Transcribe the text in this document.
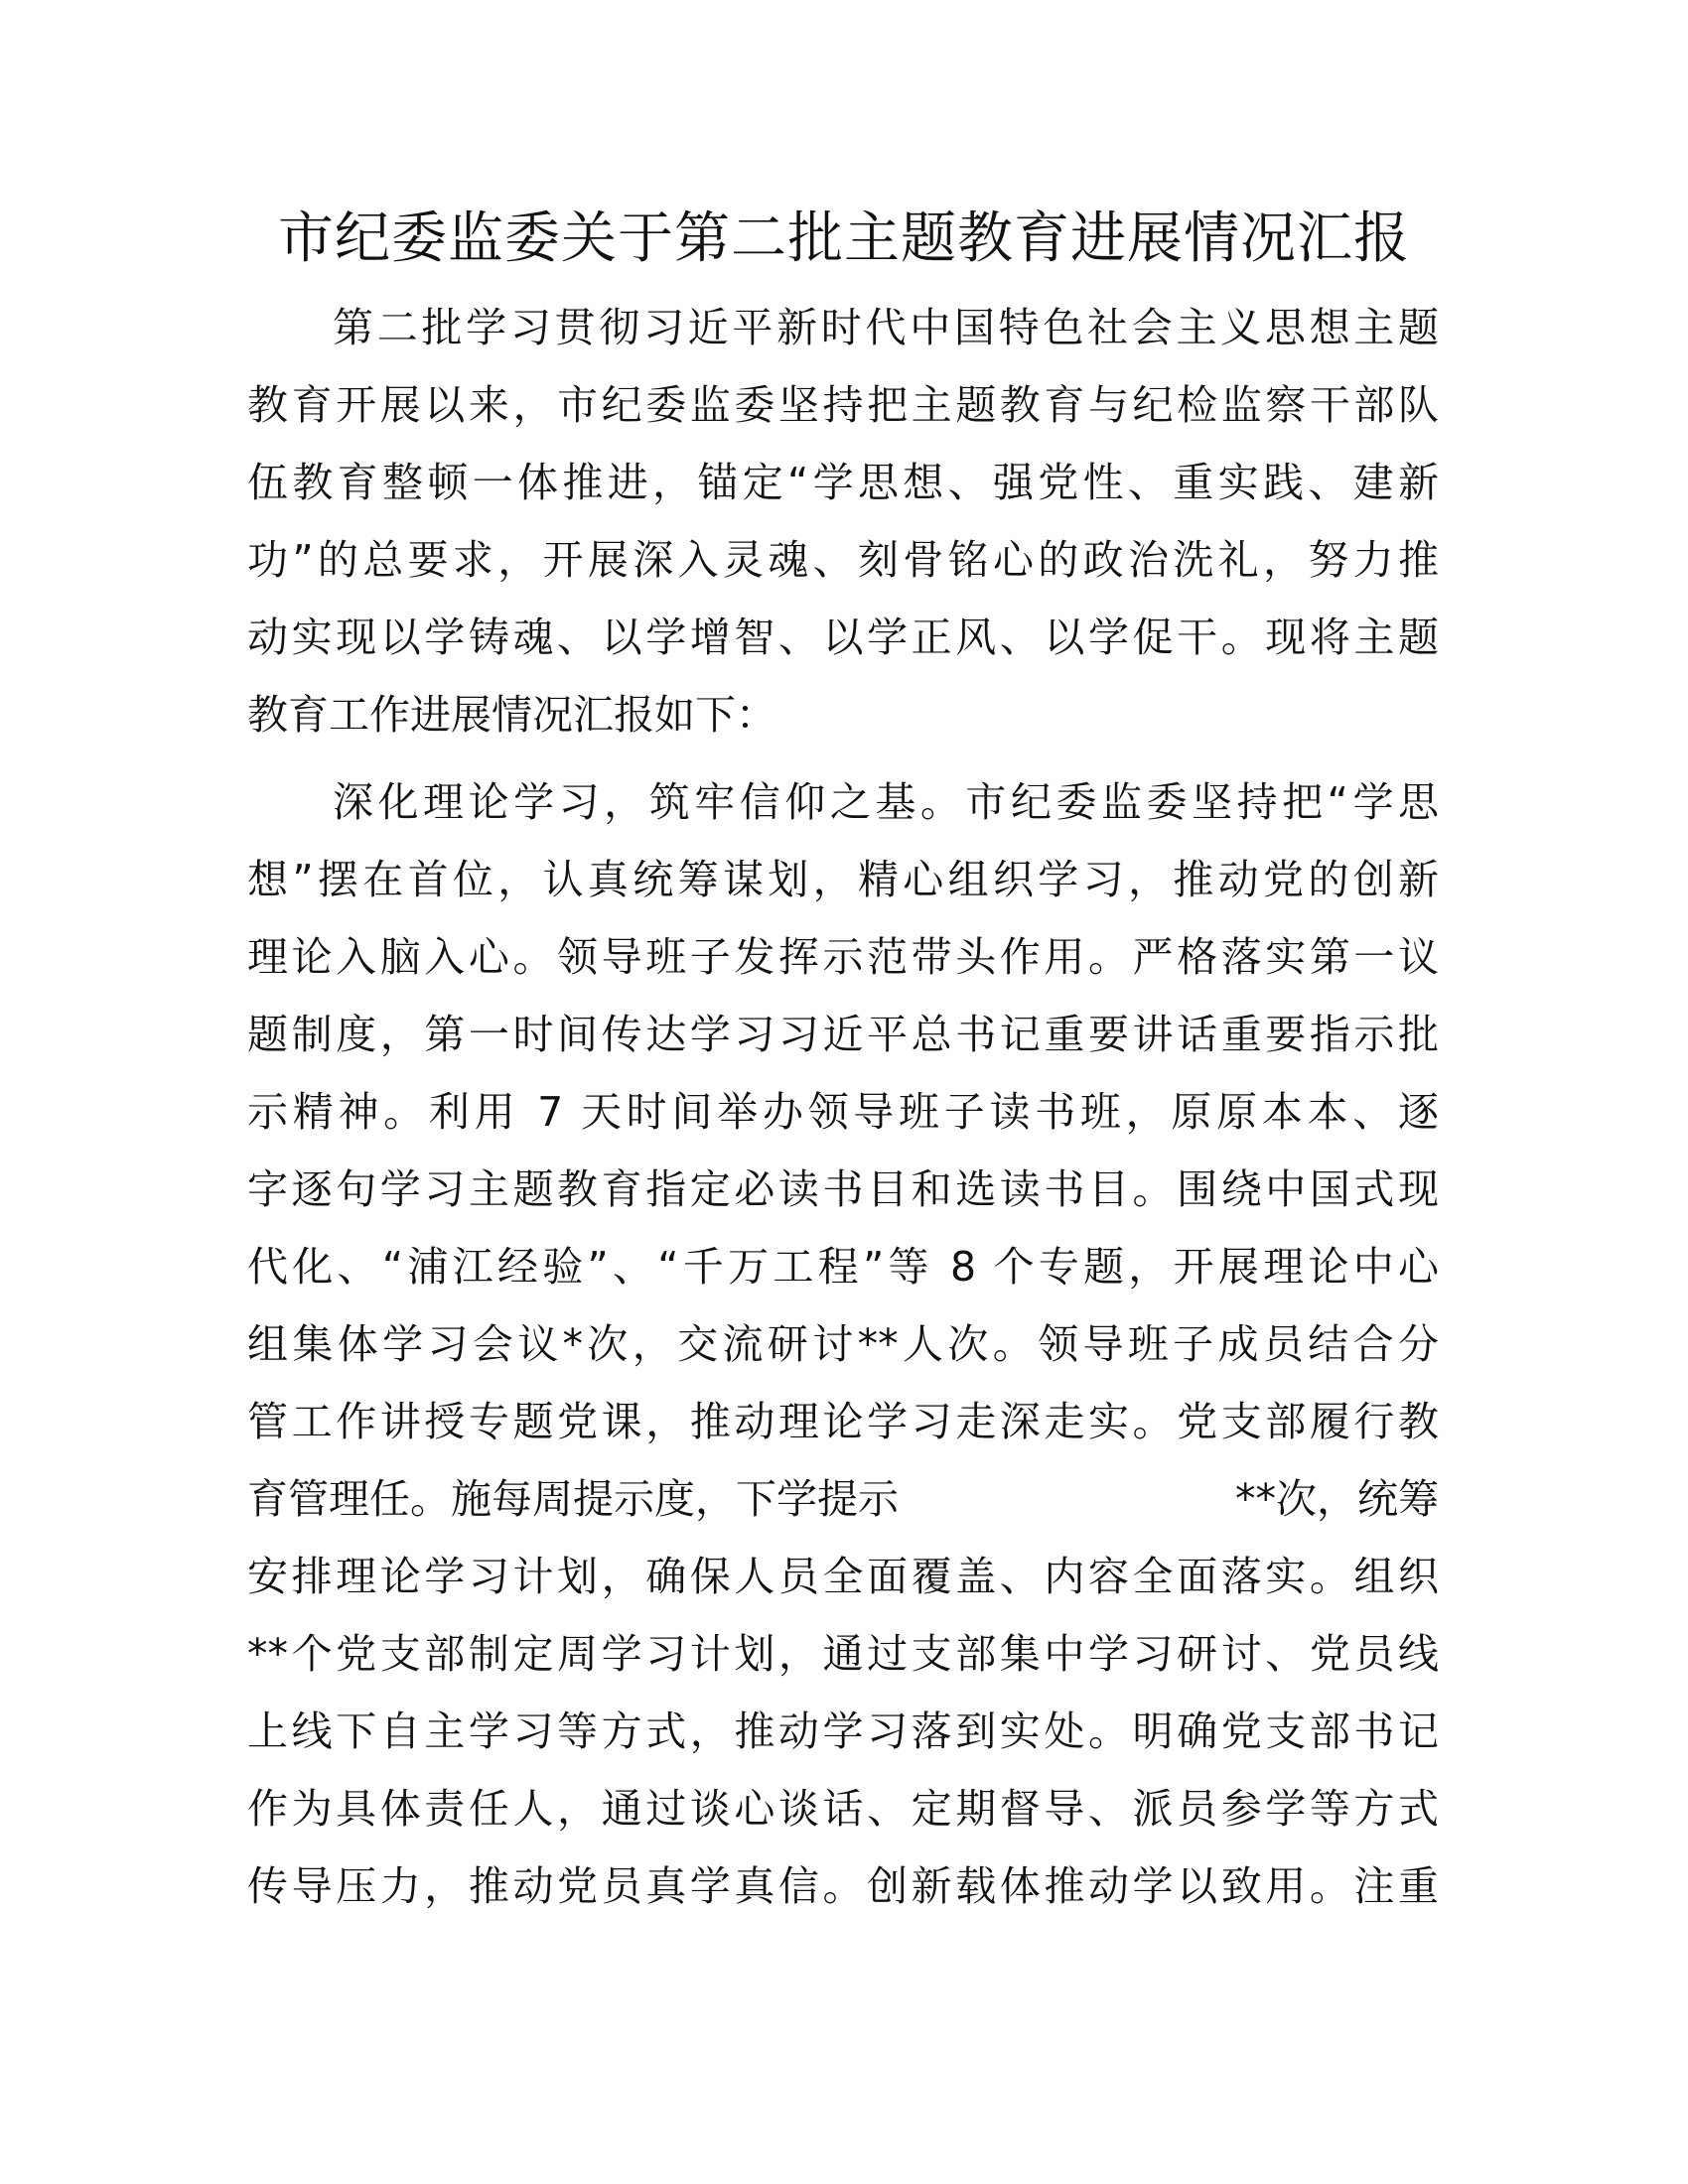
市纪委监委关于第二批主题教育进展情况汇报

第二批学习贯彻习近平新时代中国特色社会主义思想主题

教育开展以来，市纪委监委坚持把主题教育与纪检监察干部队

伍教育整顿一体推进，锚定“学思想、强党性、重实践、建新

功”的总要求，开展深入灵魂、刻骨铭心的政治洗礼，努力推

动实现以学铸魂、以学增智、以学正风、以学促干。现将主题

教育工作进展情况汇报如下：

深化理论学习，筑牢信仰之基。市纪委监委坚持把“学思

想”摆在首位，认真统筹谋划，精心组织学习，推动党的创新

理论入脑入心。领导班子发挥示范带头作用。严格落实第一议

题制度，第一时间传达学习习近平总书记重要讲话重要指示批

示精神。利用 7 天时间举办领导班子读书班，原原本本、逐

字逐句学习主题教育指定必读书目和选读书目。围绕中国式现

代化、“浦江经验”、“千万工程”等 8 个专题，开展理论中心

组集体学习会议*次，交流研讨**人次。领导班子成员结合分

管工作讲授专题党课，推动理论学习走深走实。党支部履行教

育管理任。施每周提示度，下学提示	**次，统筹

安排理论学习计划，确保人员全面覆盖、内容全面落实。组织

**个党支部制定周学习计划，通过支部集中学习研讨、党员线

上线下自主学习等方式，推动学习落到实处。明确党支部书记

作为具体责任人，通过谈心谈话、定期督导、派员参学等方式

传导压力，推动党员真学真信。创新载体推动学以致用。注重
